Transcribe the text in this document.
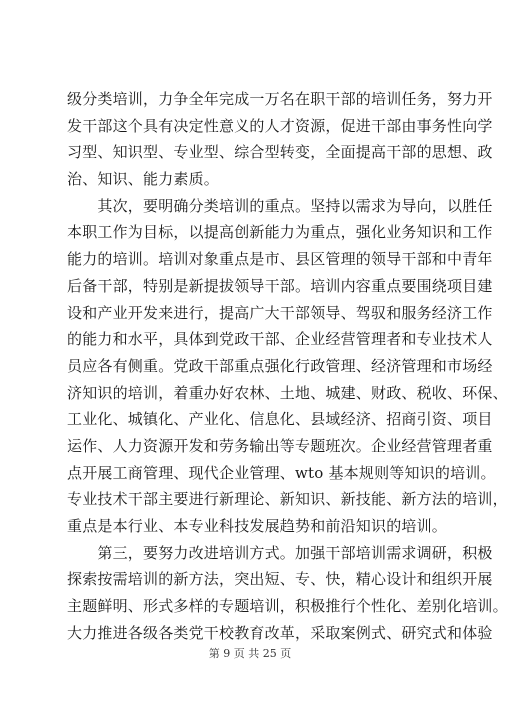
级分类培训，力争全年完成一万名在职干部的培训任务，努力开
发干部这个具有决定性意义的人才资源，促进干部由事务性向学
习型、知识型、专业型、综合型转变，全面提高干部的思想、政
治、知识、能力素质。
　　其次，要明确分类培训的重点。坚持以需求为导向，以胜任
本职工作为目标，以提高创新能力为重点，强化业务知识和工作
能力的培训。培训对象重点是市、县区管理的领导干部和中青年
后备干部，特别是新提拔领导干部。培训内容重点要围绕项目建
设和产业开发来进行，提高广大干部领导、驾驭和服务经济工作
的能力和水平，具体到党政干部、企业经营管理者和专业技术人
员应各有侧重。党政干部重点强化行政管理、经济管理和市场经
济知识的培训，着重办好农林、土地、城建、财政、税收、环保、
工业化、城镇化、产业化、信息化、县域经济、招商引资、项目
运作、人力资源开发和劳务输出等专题班次。企业经营管理者重
点开展工商管理、现代企业管理、wto 基本规则等知识的培训。
专业技术干部主要进行新理论、新知识、新技能、新方法的培训，
重点是本行业、本专业科技发展趋势和前沿知识的培训。
　　第三，要努力改进培训方式。加强干部培训需求调研，积极
探索按需培训的新方法，突出短、专、快，精心设计和组织开展
主题鲜明、形式多样的专题培训，积极推行个性化、差别化培训。
大力推进各级各类党干校教育改革，采取案例式、研究式和体验
第 9 页 共 25 页
